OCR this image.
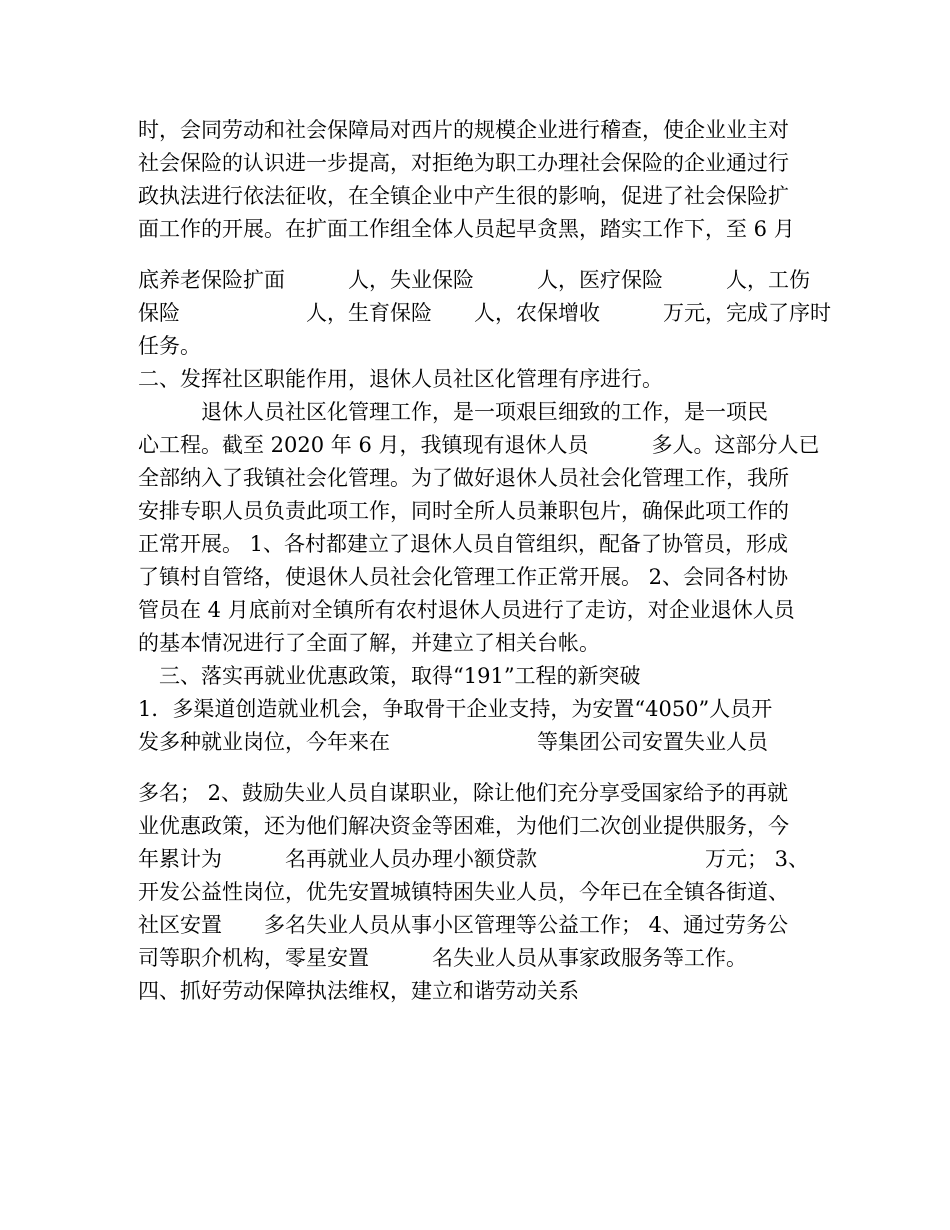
时，会同劳动和社会保障局对西片的规模企业进行稽查，使企业业主对
社会保险的认识进一步提高，对拒绝为职工办理社会保险的企业通过行
政执法进行依法征收，在全镇企业中产生很的影响，促进了社会保险扩
面工作的开展。在扩面工作组全体人员起早贪黑，踏实工作下，至 6 月
底养老保险扩面　　　人，失业保险　　　人，医疗保险　　　人，工伤
保险　　　　　　人，生育保险　　人，农保增收　　　万元，完成了序时
任务。
二、发挥社区职能作用，退休人员社区化管理有序进行。
　　　退休人员社区化管理工作，是一项艰巨细致的工作，是一项民
心工程。截至 2020 年 6 月，我镇现有退休人员　　　多人。这部分人已
全部纳入了我镇社会化管理。为了做好退休人员社会化管理工作，我所
安排专职人员负责此项工作，同时全所人员兼职包片，确保此项工作的
正常开展。 1、各村都建立了退休人员自管组织，配备了协管员，形成
了镇村自管络，使退休人员社会化管理工作正常开展。 2、会同各村协
管员在 4 月底前对全镇所有农村退休人员进行了走访，对企业退休人员
的基本情况进行了全面了解，并建立了相关台帐。
　三、落实再就业优惠政策，取得“191”工程的新突破
1．多渠道创造就业机会，争取骨干企业支持，为安置“4050”人员开
发多种就业岗位，今年来在　　　　　　　等集团公司安置失业人员
多名； 2、鼓励失业人员自谋职业，除让他们充分享受国家给予的再就
业优惠政策，还为他们解决资金等困难，为他们二次创业提供服务，今
年累计为　　　名再就业人员办理小额贷款　　　　　　　　万元； 3、
开发公益性岗位，优先安置城镇特困失业人员，今年已在全镇各街道、
社区安置　　多名失业人员从事小区管理等公益工作； 4、通过劳务公
司等职介机构，零星安置　　　名失业人员从事家政服务等工作。
四、抓好劳动保障执法维权，建立和谐劳动关系
